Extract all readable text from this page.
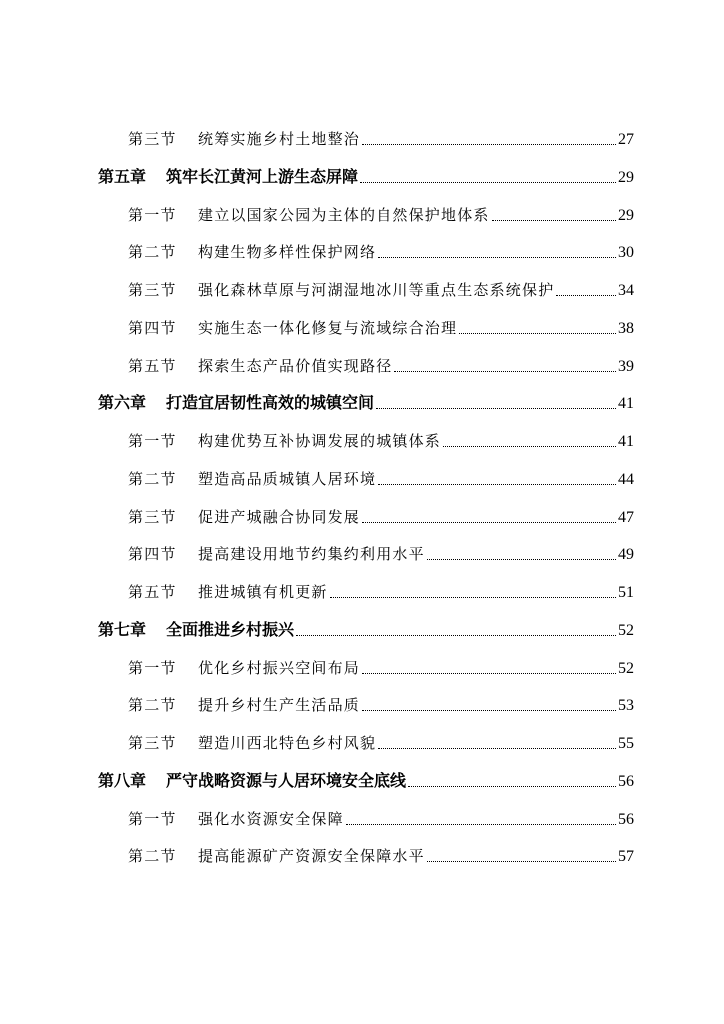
第三节	统筹实施乡村土地整治	27
第五章	筑牢长江黄河上游生态屏障	29
第一节	建立以国家公园为主体的自然保护地体系	29
第二节	构建生物多样性保护网络	30
第三节	强化森林草原与河湖湿地冰川等重点生态系统保护	34
第四节	实施生态一体化修复与流域综合治理	38
第五节	探索生态产品价值实现路径	39
第六章	打造宜居韧性高效的城镇空间	41
第一节	构建优势互补协调发展的城镇体系	41
第二节	塑造高品质城镇人居环境	44
第三节	促进产城融合协同发展	47
第四节	提高建设用地节约集约利用水平	49
第五节	推进城镇有机更新	51
第七章	全面推进乡村振兴	52
第一节	优化乡村振兴空间布局	52
第二节	提升乡村生产生活品质	53
第三节	塑造川西北特色乡村风貌	55
第八章	严守战略资源与人居环境安全底线	56
第一节	强化水资源安全保障	56
第二节	提高能源矿产资源安全保障水平	57
